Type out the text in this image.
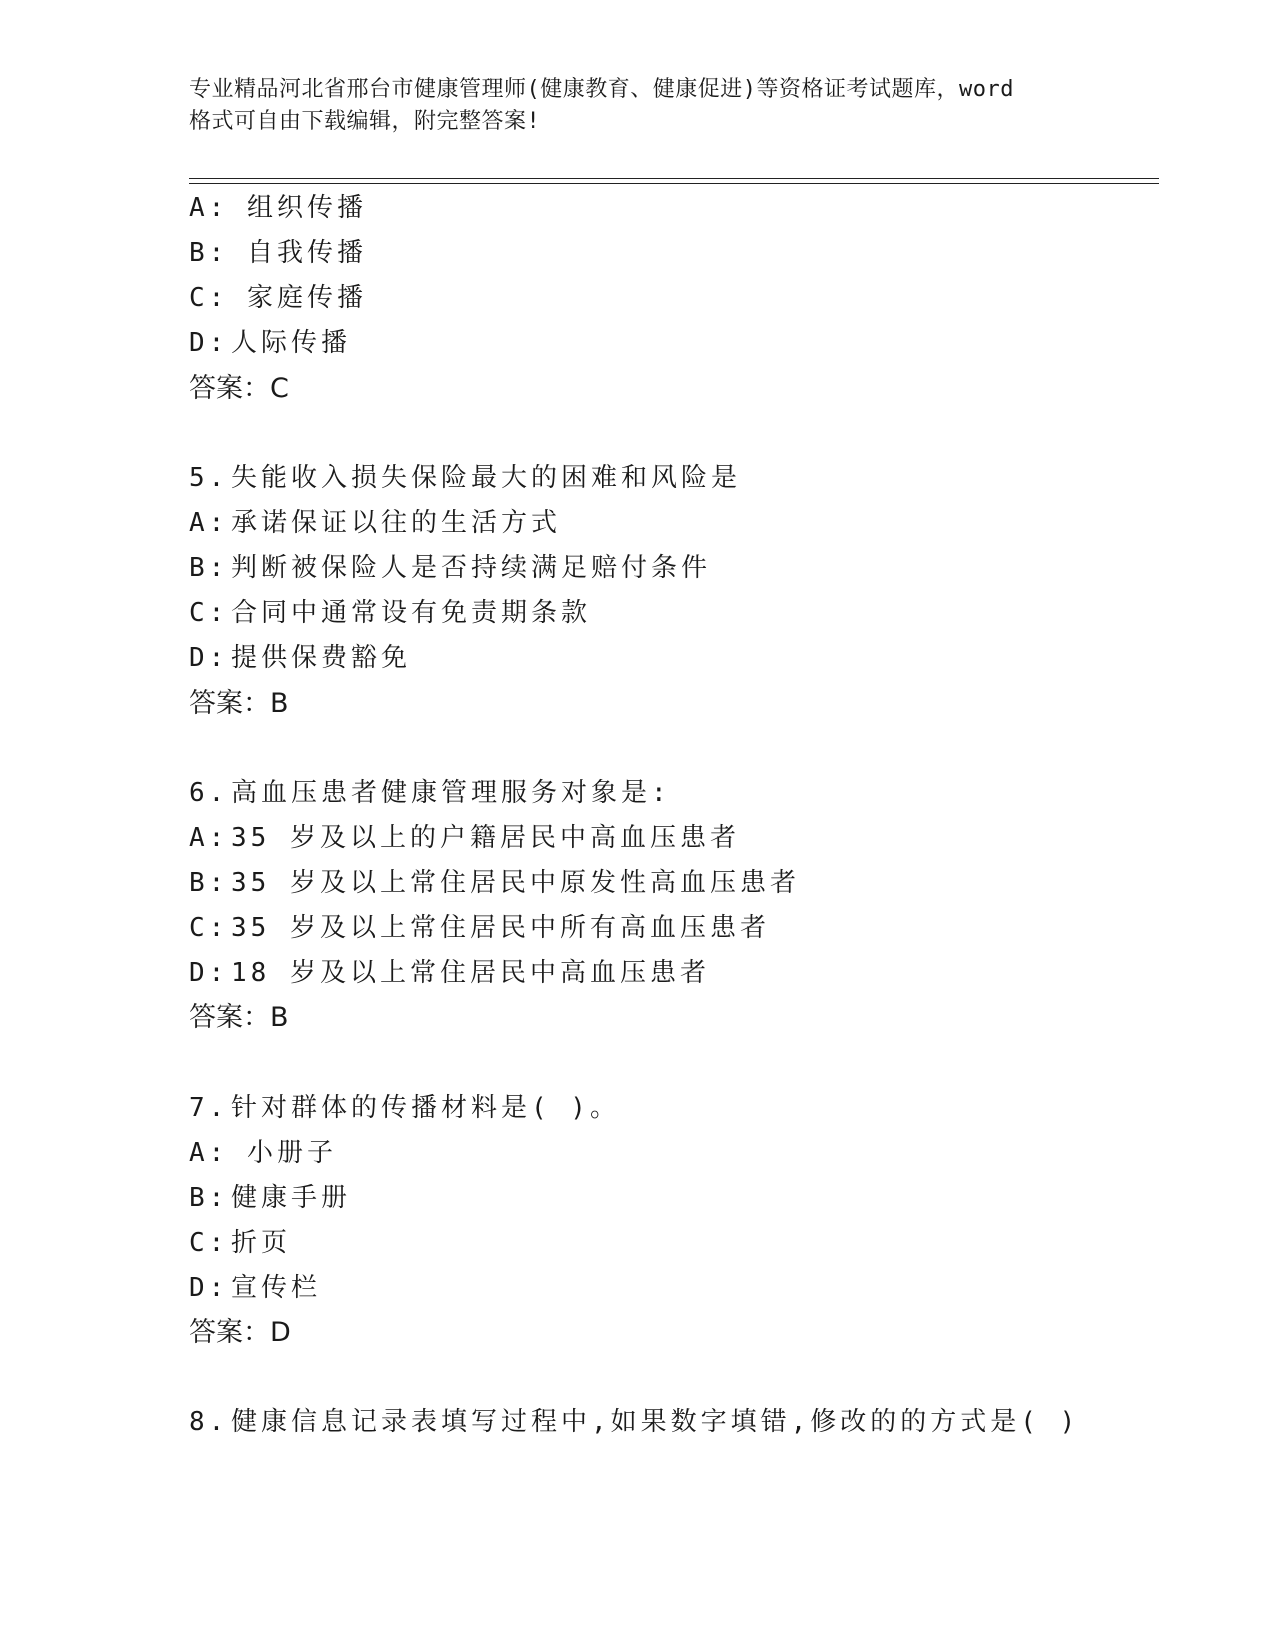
专业精品河北省邢台市健康管理师(健康教育、健康促进)等资格证考试题库，word
格式可自由下载编辑，附完整答案!
A: 组织传播
B: 自我传播
C: 家庭传播
D: 人际传播
答案：C
5. 失能收入损失保险最大的困难和风险是
A: 承诺保证以往的生活方式
B: 判断被保险人是否持续满足赔付条件
C: 合同中通常设有免责期条款
D: 提供保费豁免
答案：B
6. 高血压患者健康管理服务对象是:
A: 35 岁及以上的户籍居民中高血压患者
B: 35 岁及以上常住居民中原发性高血压患者
C: 35 岁及以上常住居民中所有高血压患者
D: 18 岁及以上常住居民中高血压患者
答案：B
7. 针对群体的传播材料是( )。
A: 小册子
B: 健康手册
C: 折页
D: 宣传栏
答案：D
8. 健康信息记录表填写过程中,如果数字填错,修改的的方式是( )
